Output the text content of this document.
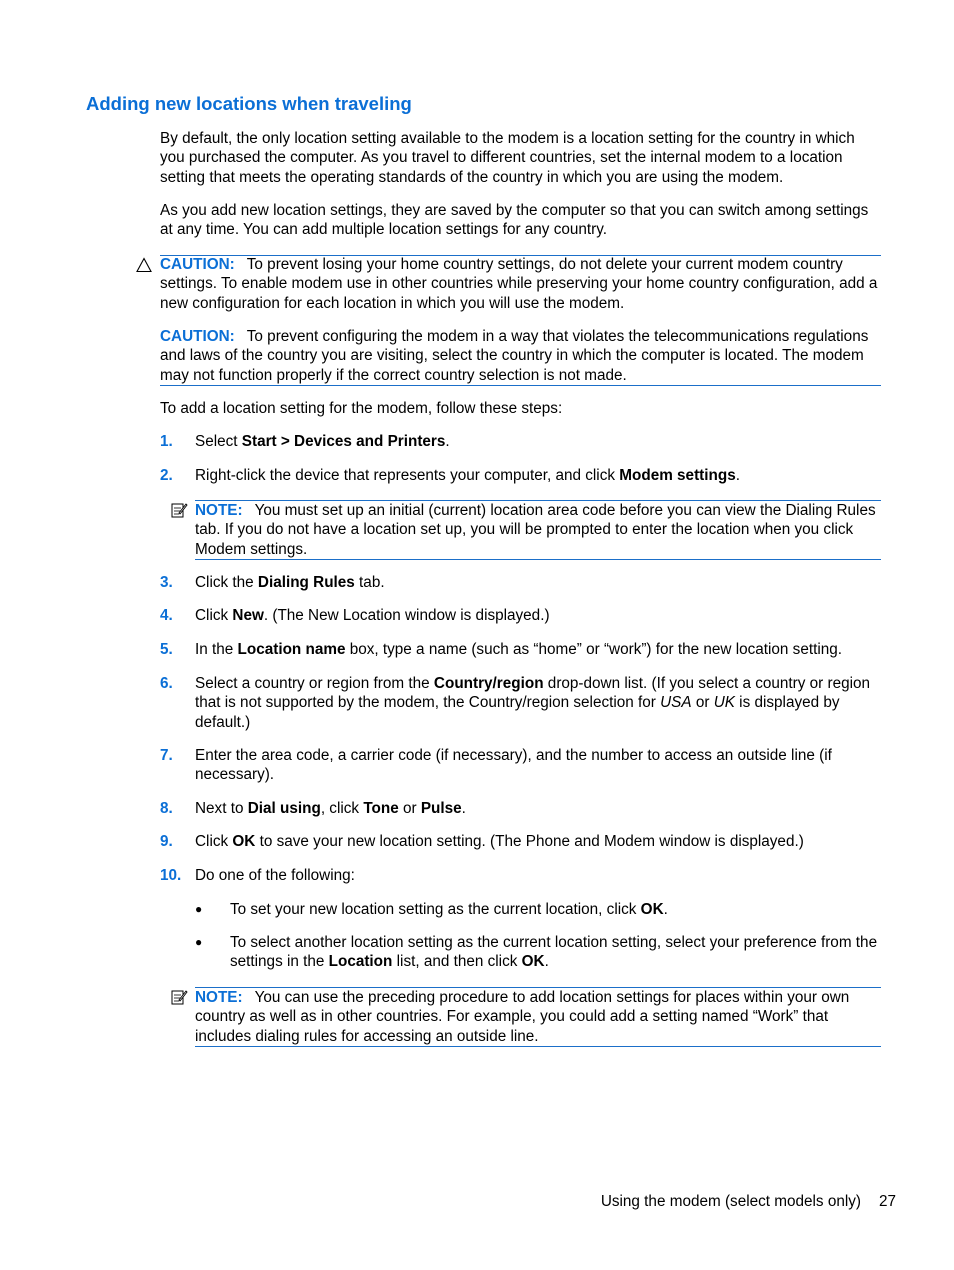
Adding new locations when traveling

By default, the only location setting available to the modem is a location setting for the country in which you purchased the computer. As you travel to different countries, set the internal modem to a location setting that meets the operating standards of the country in which you are using the modem.

As you add new location settings, they are saved by the computer so that you can switch among settings at any time. You can add multiple location settings for any country.

CAUTION: To prevent losing your home country settings, do not delete your current modem country settings. To enable modem use in other countries while preserving your home country configuration, add a new configuration for each location in which you will use the modem.

CAUTION: To prevent configuring the modem in a way that violates the telecommunications regulations and laws of the country you are visiting, select the country in which the computer is located. The modem may not function properly if the correct country selection is not made.

To add a location setting for the modem, follow these steps:

1.	Select Start > Devices and Printers.
2.	Right-click the device that represents your computer, and click Modem settings.

NOTE: You must set up an initial (current) location area code before you can view the Dialing Rules tab. If you do not have a location set up, you will be prompted to enter the location when you click Modem settings.

3.	Click the Dialing Rules tab.
4.	Click New. (The New Location window is displayed.)
5.	In the Location name box, type a name (such as “home” or “work”) for the new location setting.
6.	Select a country or region from the Country/region drop-down list. (If you select a country or region that is not supported by the modem, the Country/region selection for USA or UK is displayed by default.)
7.	Enter the area code, a carrier code (if necessary), and the number to access an outside line (if necessary).
8.	Next to Dial using, click Tone or Pulse.
9.	Click OK to save your new location setting. (The Phone and Modem window is displayed.)
10. Do one of the following:
● To set your new location setting as the current location, click OK.
● To select another location setting as the current location setting, select your preference from the settings in the Location list, and then click OK.

NOTE: You can use the preceding procedure to add location settings for places within your own country as well as in other countries. For example, you could add a setting named “Work” that includes dialing rules for accessing an outside line.

Using the modem (select models only) 27
